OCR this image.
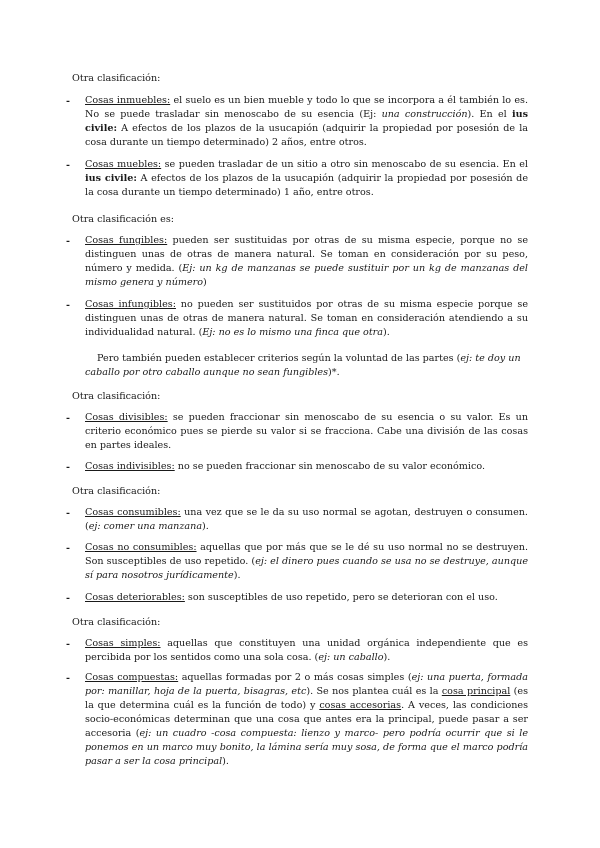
Otra clasificación:
- Cosas inmuebles: el suelo es un bien mueble y todo lo que se incorpora a él también lo es. No se puede trasladar sin menoscabo de su esencia (Ej: una construcción). En el ius civile: A efectos de los plazos de la usucapión (adquirir la propiedad por posesión de la cosa durante un tiempo determinado) 2 años, entre otros.
- Cosas muebles: se pueden trasladar de un sitio a otro sin menoscabo de su esencia. En el ius civile: A efectos de los plazos de la usucapión (adquirir la propiedad por posesión de la cosa durante un tiempo determinado) 1 año, entre otros.
Otra clasificación es:
- Cosas fungibles: pueden ser sustituidas por otras de su misma especie, porque no se distinguen unas de otras de manera natural. Se toman en consideración por su peso, número y medida. (Ej: un kg de manzanas se puede sustituir por un kg de manzanas del mismo genera y número)
- Cosas infungibles: no pueden ser sustituidos por otras de su misma especie porque se distinguen unas de otras de manera natural. Se toman en consideración atendiendo a su individualidad natural. (Ej: no es lo mismo una finca que otra).
Pero también pueden establecer criterios según la voluntad de las partes (ej: te doy un caballo por otro caballo aunque no sean fungibles)*.
Otra clasificación:
- Cosas divisibles: se pueden fraccionar sin menoscabo de su esencia o su valor. Es un criterio económico pues se pierde su valor si se fracciona. Cabe una división de las cosas en partes ideales.
- Cosas indivisibles: no se pueden fraccionar sin menoscabo de su valor económico.
Otra clasificación:
- Cosas consumibles: una vez que se le da su uso normal se agotan, destruyen o consumen. (ej: comer una manzana).
- Cosas no consumibles: aquellas que por más que se le dé su uso normal no se destruyen. Son susceptibles de uso repetido. (ej: el dinero pues cuando se usa no se destruye, aunque sí para nosotros jurídicamente).
- Cosas deteriorables: son susceptibles de uso repetido, pero se deterioran con el uso.
Otra clasificación:
- Cosas simples: aquellas que constituyen una unidad orgánica independiente que es percibida por los sentidos como una sola cosa. (ej: un caballo).
- Cosas compuestas: aquellas formadas por 2 o más cosas simples (ej: una puerta, formada por: manillar, hoja de la puerta, bisagras, etc). Se nos plantea cuál es la cosa principal (es la que determina cuál es la función de todo) y cosas accesorias. A veces, las condiciones socio-económicas determinan que una cosa que antes era la principal, puede pasar a ser accesoria (ej: un cuadro -cosa compuesta: lienzo y marco- pero podría ocurrir que si le ponemos en un marco muy bonito, la lámina sería muy sosa, de forma que el marco podría pasar a ser la cosa principal).
